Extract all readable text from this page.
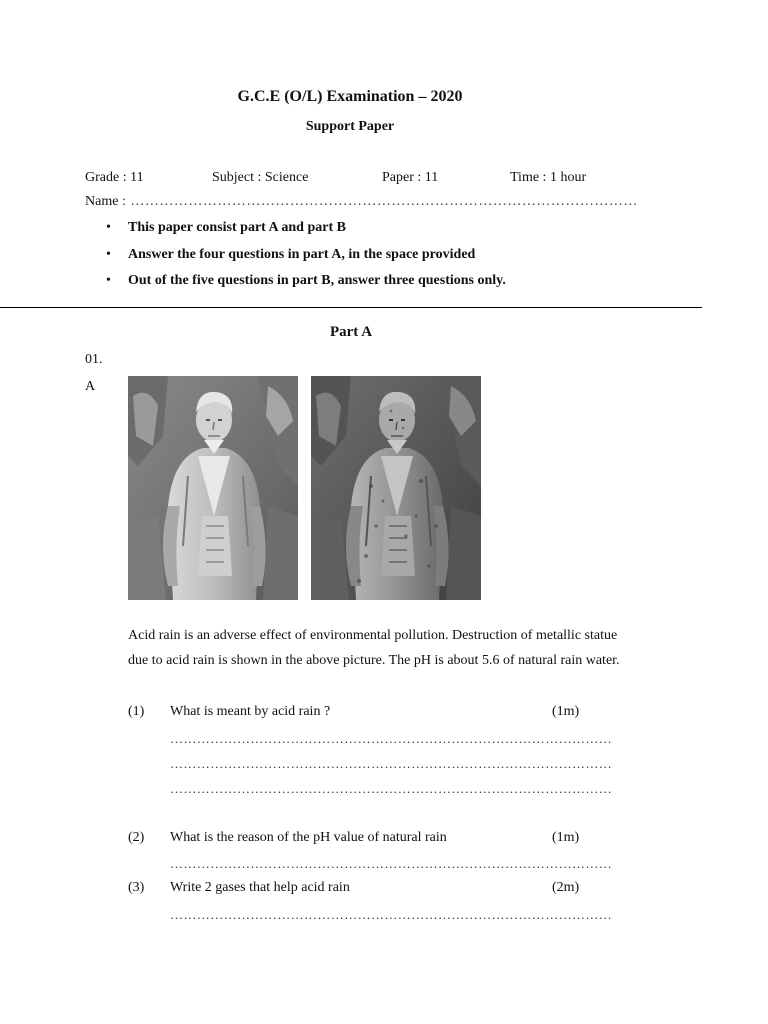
G.C.E (O/L) Examination – 2020
Support Paper
Grade : 11	Subject : Science	Paper : 11	Time : 1 hour
Name : ……………………………………………………………………………………………
• This paper consist part A and part B
• Answer the four questions in part A, in the space provided
• Out of the five questions in part B, answer three questions only.
Part A
01.
A
Acid rain is an adverse effect of environmental pollution. Destruction of metallic statue
due to acid rain is shown in the above picture. The pH is about 5.6 of natural rain water.
(1) What is meant by acid rain ?	(1m)
………………………………………………………………………………………
………………………………………………………………………………………
………………………………………………………………………………………
(2) What is the reason of the pH value of natural rain	(1m)
………………………………………………………………………………………
(3) Write 2 gases that help acid rain	(2m)
………………………………………………………………………………………
